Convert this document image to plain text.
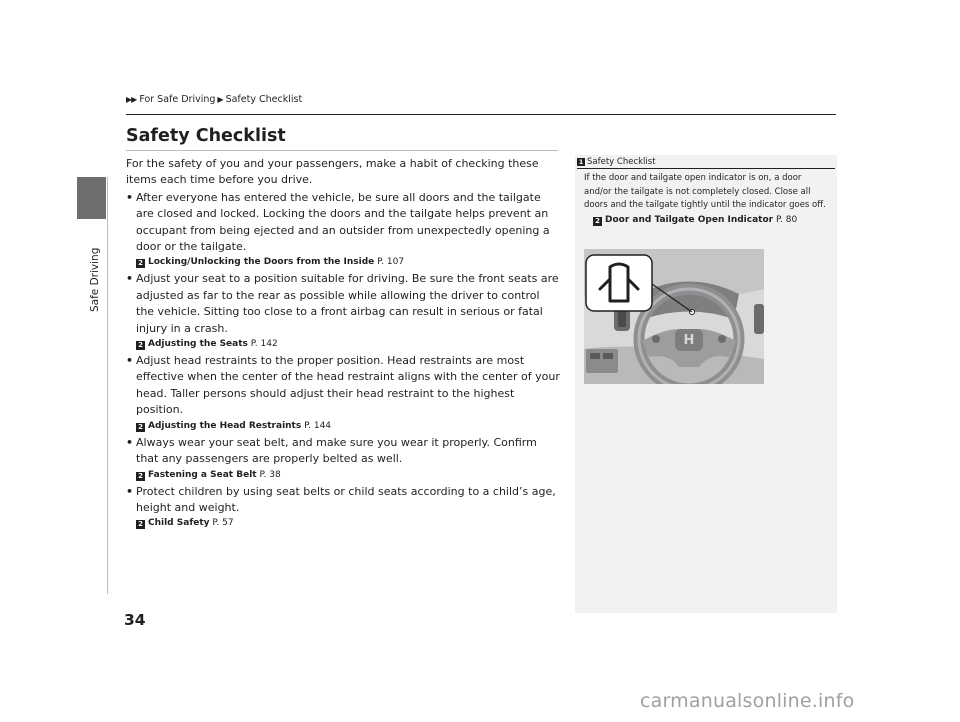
Safe Driving
▶▶ For Safe Driving ▶ Safety Checklist
Safety Checklist

For the safety of you and your passengers, make a habit of checking these items each time before you drive.

• After everyone has entered the vehicle, be sure all doors and the tailgate are closed and locked. Locking the doors and the tailgate helps prevent an occupant from being ejected and an outsider from unexpectedly opening a door or the tailgate.
2 Locking/Unlocking the Doors from the Inside P. 107
• Adjust your seat to a position suitable for driving. Be sure the front seats are adjusted as far to the rear as possible while allowing the driver to control the vehicle. Sitting too close to a front airbag can result in serious or fatal injury in a crash.
2 Adjusting the Seats P. 142
• Adjust head restraints to the proper position. Head restraints are most effective when the center of the head restraint aligns with the center of your head. Taller persons should adjust their head restraint to the highest position.
2 Adjusting the Head Restraints P. 144
• Always wear your seat belt, and make sure you wear it properly. Confirm that any passengers are properly belted as well.
2 Fastening a Seat Belt P. 38
• Protect children by using seat belts or child seats according to a child’s age, height and weight.
2 Child Safety P. 57
1 Safety Checklist

If the door and tailgate open indicator is on, a door and/or the tailgate is not completely closed. Close all doors and the tailgate tightly until the indicator goes off.

2 Door and Tailgate Open Indicator P. 80
H
34
carmanualsonline.info
